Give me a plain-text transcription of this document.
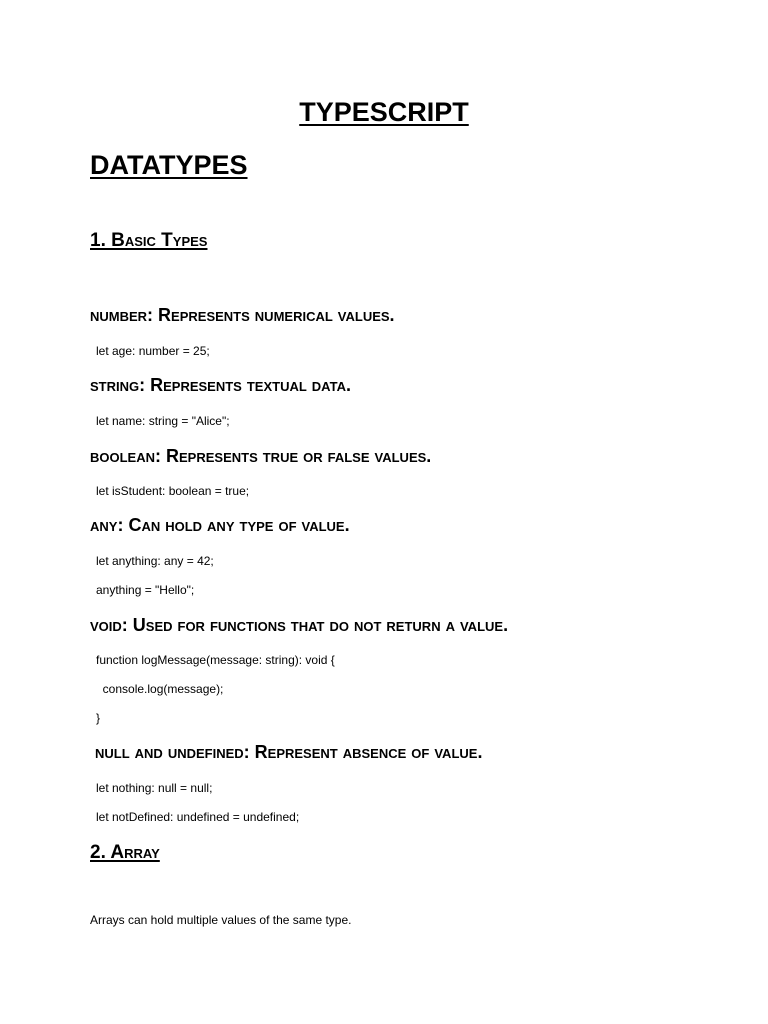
TYPESCRIPT
DATATYPES
1. Basic Types

number: Represents numerical values.

let age: number = 25;

string: Represents textual data.

let name: string = "Alice";

boolean: Represents true or false values.

let isStudent: boolean = true;

any: Can hold any type of value.

let anything: any = 42;

anything = "Hello";

void: Used for functions that do not return a value.

function logMessage(message: string): void {

console.log(message);

}

null and undefined: Represent absence of value.

let nothing: null = null;

let notDefined: undefined = undefined;

2. Array

Arrays can hold multiple values of the same type.
